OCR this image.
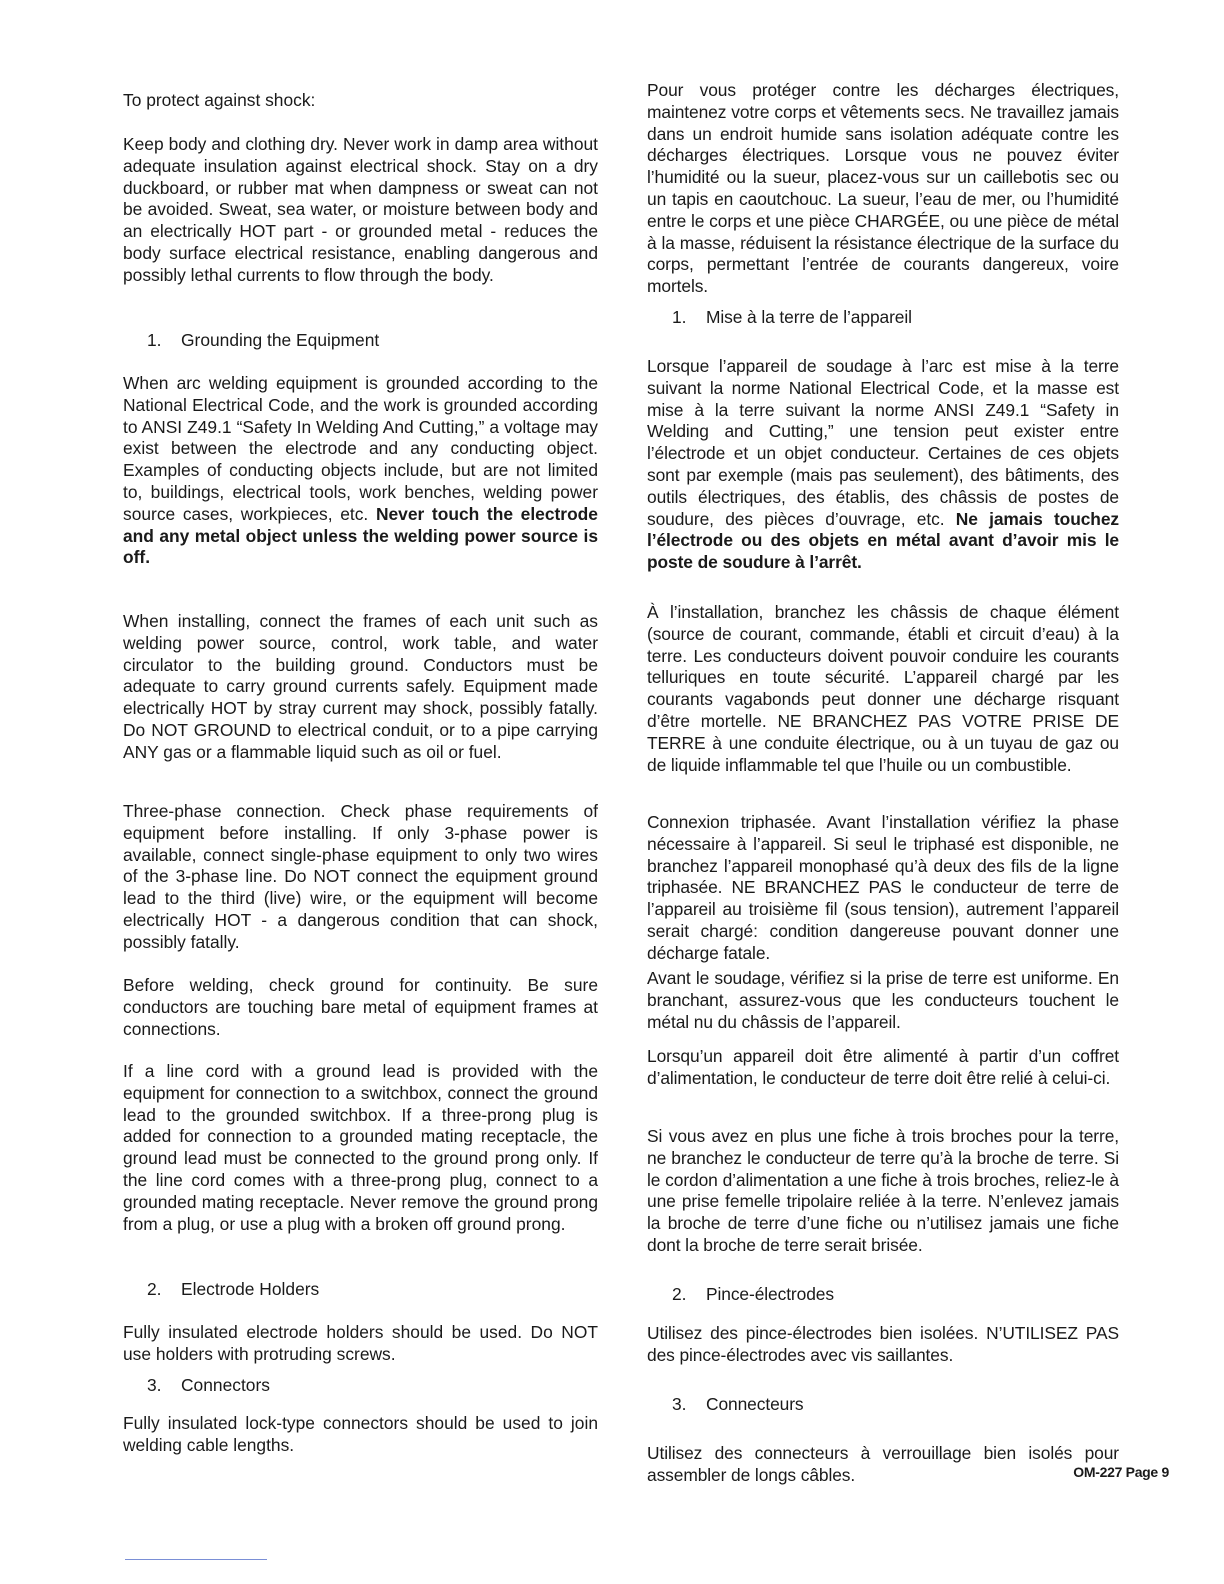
To protect against shock:

Keep body and clothing dry. Never work in damp area without adequate insulation against electrical shock. Stay on a dry duckboard, or rubber mat when dampness or sweat can not be avoided. Sweat, sea water, or moisture between body and an electrically HOT part - or grounded metal - reduces the body surface electrical resistance, enabling dangerous and possibly lethal currents to flow through the body.

1. Grounding the Equipment

When arc welding equipment is grounded according to the National Electrical Code, and the work is grounded according to ANSI Z49.1 “Safety In Welding And Cutting,” a voltage may exist between the electrode and any conducting object. Examples of conducting objects include, but are not limited to, buildings, electrical tools, work benches, welding power source cases, workpieces, etc. Never touch the electrode and any metal object unless the welding power source is off.

When installing, connect the frames of each unit such as welding power source, control, work table, and water circulator to the building ground. Conductors must be adequate to carry ground currents safely. Equipment made electrically HOT by stray current may shock, possibly fatally. Do NOT GROUND to electrical conduit, or to a pipe carrying ANY gas or a flammable liquid such as oil or fuel.

Three-phase connection. Check phase requirements of equipment before installing. If only 3-phase power is available, connect single-phase equipment to only two wires of the 3-phase line. Do NOT connect the equipment ground lead to the third (live) wire, or the equipment will become electrically HOT - a dangerous condition that can shock, possibly fatally.

Before welding, check ground for continuity. Be sure conductors are touching bare metal of equipment frames at connections.

If a line cord with a ground lead is provided with the equipment for connection to a switchbox, connect the ground lead to the grounded switchbox. If a three-prong plug is added for connection to a grounded mating receptacle, the ground lead must be connected to the ground prong only. If the line cord comes with a three-prong plug, connect to a grounded mating receptacle. Never remove the ground prong from a plug, or use a plug with a broken off ground prong.

2. Electrode Holders

Fully insulated electrode holders should be used. Do NOT use holders with protruding screws.

3. Connectors

Fully insulated lock-type connectors should be used to join welding cable lengths.

Pour vous protéger contre les décharges électriques, maintenez votre corps et vêtements secs. Ne travaillez jamais dans un endroit humide sans isolation adéquate contre les décharges électriques. Lorsque vous ne pouvez éviter l’humidité ou la sueur, placez-vous sur un caillebotis sec ou un tapis en caoutchouc. La sueur, l’eau de mer, ou l’humidité entre le corps et une pièce CHARGÉE, ou une pièce de métal à la masse, réduisent la résistance électrique de la surface du corps, permettant l’entrée de courants dangereux, voire mortels.

1. Mise à la terre de l’appareil

Lorsque l’appareil de soudage à l’arc est mise à la terre suivant la norme National Electrical Code, et la masse est mise à la terre suivant la norme ANSI Z49.1 “Safety in Welding and Cutting,” une tension peut exister entre l’électrode et un objet conducteur. Certaines de ces objets sont par exemple (mais pas seulement), des bâtiments, des outils électriques, des établis, des châssis de postes de soudure, des pièces d’ouvrage, etc. Ne jamais touchez l’électrode ou des objets en métal avant d’avoir mis le poste de soudure à l’arrêt.

À l’installation, branchez les châssis de chaque élément (source de courant, commande, établi et circuit d’eau) à la terre. Les conducteurs doivent pouvoir conduire les courants telluriques en toute sécurité. L’appareil chargé par les courants vagabonds peut donner une décharge risquant d’être mortelle. NE BRANCHEZ PAS VOTRE PRISE DE TERRE à une conduite électrique, ou à un tuyau de gaz ou de liquide inflammable tel que l’huile ou un combustible.

Connexion triphasée. Avant l’installation vérifiez la phase nécessaire à l’appareil. Si seul le triphasé est disponible, ne branchez l’appareil monophasé qu’à deux des fils de la ligne triphasée. NE BRANCHEZ PAS le conducteur de terre de l’appareil au troisième fil (sous tension), autrement l’appareil serait chargé: condition dangereuse pouvant donner une décharge fatale.

Avant le soudage, vérifiez si la prise de terre est uniforme. En branchant, assurez-vous que les conducteurs touchent le métal nu du châssis de l’appareil.

Lorsqu’un appareil doit être alimenté à partir d’un coffret d’alimentation, le conducteur de terre doit être relié à celui-ci.

Si vous avez en plus une fiche à trois broches pour la terre, ne branchez le conducteur de terre qu’à la broche de terre. Si le cordon d’alimentation a une fiche à trois broches, reliez-le à une prise femelle tripolaire reliée à la terre. N’enlevez jamais la broche de terre d’une fiche ou n’utilisez jamais une fiche dont la broche de terre serait brisée.

2. Pince-électrodes

Utilisez des pince-électrodes bien isolées. N’UTILISEZ PAS des pince-électrodes avec vis saillantes.

3. Connecteurs

Utilisez des connecteurs à verrouillage bien isolés pour assembler de longs câbles.	OM-227 Page 9
